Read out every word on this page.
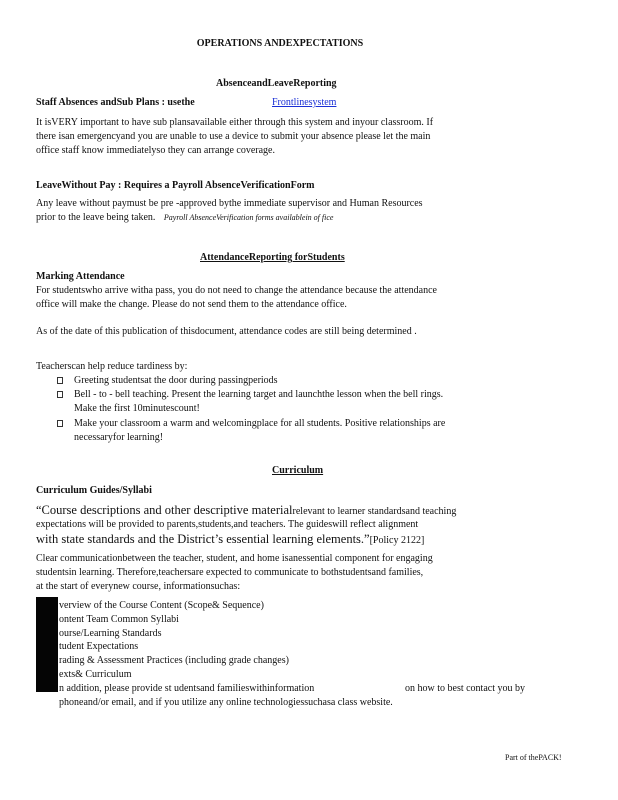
OPERATIONS ANDEXPECTATIONS
AbsenceandLeaveReporting
Staff Absences andSub Plans : usethe	Frontlinesystem
It isVERY important to have sub plansavailable either through this system and inyour classroom. If
there isan emergencyand you are unable to use a device to submit your absence please let the main
office staff know immediatelyso they can arrange coverage.
LeaveWithout Pay : Requires a Payroll AbsenceVerificationForm
Any leave without paymust be pre -approved bythe immediate supervisor and Human Resources
prior to the leave being taken. Payroll AbsenceVerification forms availablein of fice
AttendanceReporting forStudents
Marking Attendance
For studentswho arrive witha pass, you do not need to change the attendance because the attendance
office will make the change. Please do not send them to the attendance office.
As of the date of this publication of thisdocument, attendance codes are still being determined .
Teacherscan help reduce tardiness by:
Greeting studentsat the door during passingperiods
Bell - to - bell teaching. Present the learning target and launchthe lesson when the bell rings.
Make the first 10minutescount!
Make your classroom a warm and welcomingplace for all students. Positive relationships are
necessaryfor learning!
Curriculum
Curriculum Guides/Syllabi
“Course descriptions and other descriptive materialrelevant to learner standardsand teaching
expectations will be provided to parents,students,and teachers. The guideswill reflect alignment
with state standards and the District’s essential learning elements.”[Policy 2122]
Clear communicationbetween the teacher, student, and home isanessential component for engaging
studentsin learning. Therefore,teachersare expected to communicate to bothstudentsand families,
at the start of everynew course, informationsuchas:
verview of the Course Content (Scope& Sequence)
ontent Team Common Syllabi
ourse/Learning Standards
tudent Expectations
rading & Assessment Practices (including grade changes)
exts& Curriculum
n addition, please provide st udentsand familieswithinformation	on how to best contact you by
phoneand/or email, and if you utilize any online technologiessuchasa class website.
Part of thePACK!
